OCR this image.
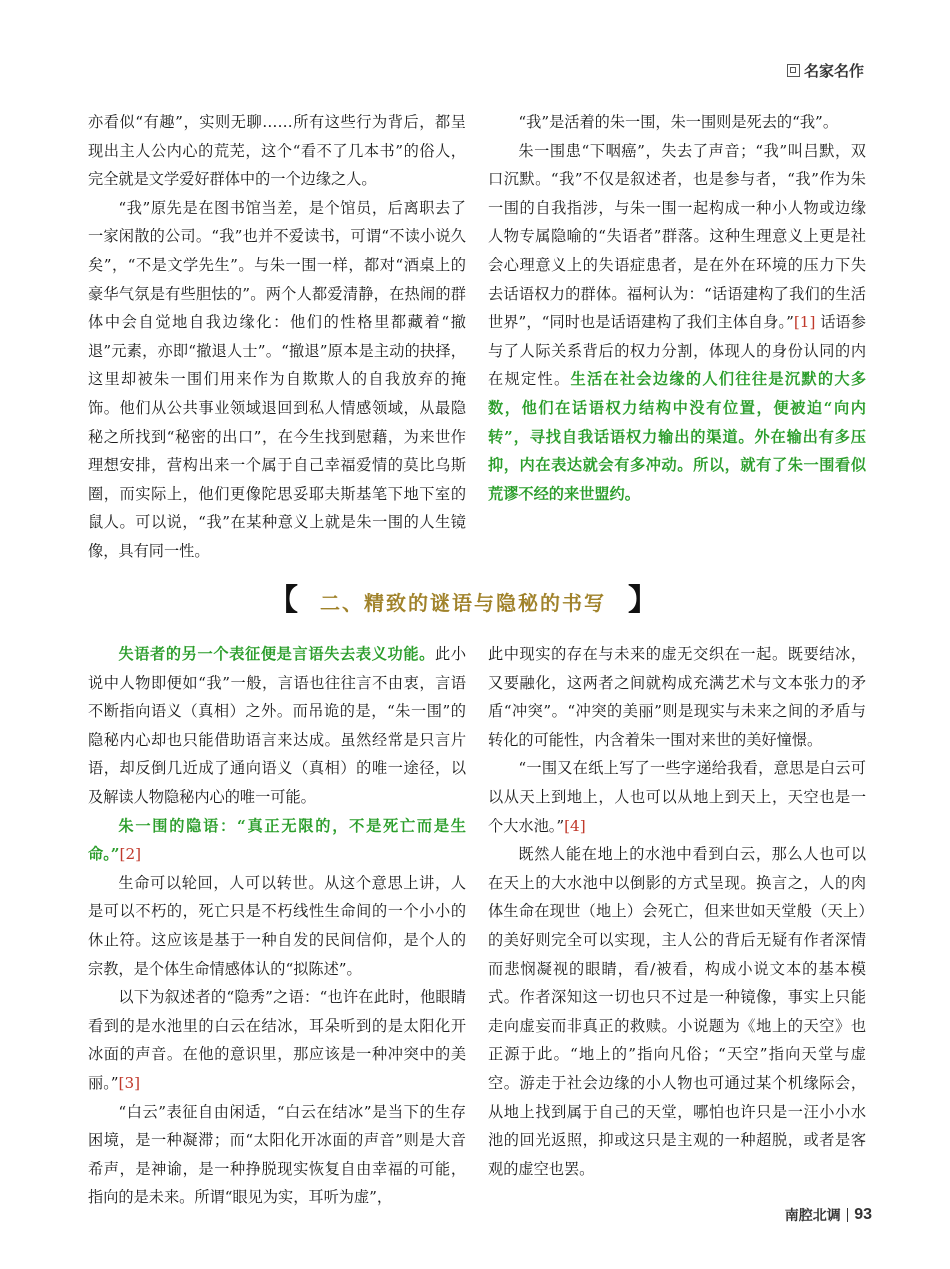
名家名作

亦看似“有趣”，实则无聊……所有这些行为背后，都呈现出主人公内心的荒芜，这个“看不了几本书”的俗人，完全就是文学爱好群体中的一个边缘之人。

“我”原先是在图书馆当差，是个馆员，后离职去了一家闲散的公司。“我”也并不爱读书，可谓“不读小说久矣”，“不是文学先生”。与朱一围一样，都对“酒桌上的豪华气氛是有些胆怯的”。两个人都爱清静，在热闹的群体中会自觉地自我边缘化：他们的性格里都藏着“撤退”元素，亦即“撤退人士”。“撤退”原本是主动的抉择，这里却被朱一围们用来作为自欺欺人的自我放弃的掩饰。他们从公共事业领域退回到私人情感领域，从最隐秘之所找到“秘密的出口”，在今生找到慰藉，为来世作理想安排，营构出来一个属于自己幸福爱情的莫比乌斯圈，而实际上，他们更像陀思妥耶夫斯基笔下地下室的鼠人。可以说，“我”在某种意义上就是朱一围的人生镜像，具有同一性。

“我”是活着的朱一围，朱一围则是死去的“我”。

朱一围患“下咽癌”，失去了声音；“我”叫吕默，双口沉默。“我”不仅是叙述者，也是参与者，“我”作为朱一围的自我指涉，与朱一围一起构成一种小人物或边缘人物专属隐喻的“失语者”群落。这种生理意义上更是社会心理意义上的失语症患者，是在外在环境的压力下失去话语权力的群体。福柯认为：“话语建构了我们的生活世界”，“同时也是话语建构了我们主体自身。”[1] 话语参与了人际关系背后的权力分割，体现人的身份认同的内在规定性。生活在社会边缘的人们往往是沉默的大多数，他们在话语权力结构中没有位置，便被迫“向内转”，寻找自我话语权力输出的渠道。外在输出有多压抑，内在表达就会有多冲动。所以，就有了朱一围看似荒谬不经的来世盟约。

【 二、精致的谜语与隐秘的书写 】

失语者的另一个表征便是言语失去表义功能。此小说中人物即便如“我”一般，言语也往往言不由衷，言语不断指向语义（真相）之外。而吊诡的是，“朱一围”的隐秘内心却也只能借助语言来达成。虽然经常是只言片语，却反倒几近成了通向语义（真相）的唯一途径，以及解读人物隐秘内心的唯一可能。

朱一围的隐语：“真正无限的，不是死亡而是生命。”[2]

生命可以轮回，人可以转世。从这个意思上讲，人是可以不朽的，死亡只是不朽线性生命间的一个小小的休止符。这应该是基于一种自发的民间信仰，是个人的宗教，是个体生命情感体认的“拟陈述”。

以下为叙述者的“隐秀”之语：“也许在此时，他眼睛看到的是水池里的白云在结冰，耳朵听到的是太阳化开冰面的声音。在他的意识里，那应该是一种冲突中的美丽。”[3]

“白云”表征自由闲适，“白云在结冰”是当下的生存困境，是一种凝滞；而“太阳化开冰面的声音”则是大音希声，是神谕，是一种挣脱现实恢复自由幸福的可能，指向的是未来。所谓“眼见为实，耳听为虚”，

此中现实的存在与未来的虚无交织在一起。既要结冰，又要融化，这两者之间就构成充满艺术与文本张力的矛盾“冲突”。“冲突的美丽”则是现实与未来之间的矛盾与转化的可能性，内含着朱一围对来世的美好憧憬。

“一围又在纸上写了一些字递给我看，意思是白云可以从天上到地上，人也可以从地上到天上，天空也是一个大水池。”[4]

既然人能在地上的水池中看到白云，那么人也可以在天上的大水池中以倒影的方式呈现。换言之，人的肉体生命在现世（地上）会死亡，但来世如天堂般（天上）的美好则完全可以实现，主人公的背后无疑有作者深情而悲悯凝视的眼睛，看/被看，构成小说文本的基本模式。作者深知这一切也只不过是一种镜像，事实上只能走向虚妄而非真正的救赎。小说题为《地上的天空》也正源于此。“地上的”指向凡俗；“天空”指向天堂与虚空。游走于社会边缘的小人物也可通过某个机缘际会，从地上找到属于自己的天堂，哪怕也许只是一汪小小水池的回光返照，抑或这只是主观的一种超脱，或者是客观的虚空也罢。

南腔北调 93
